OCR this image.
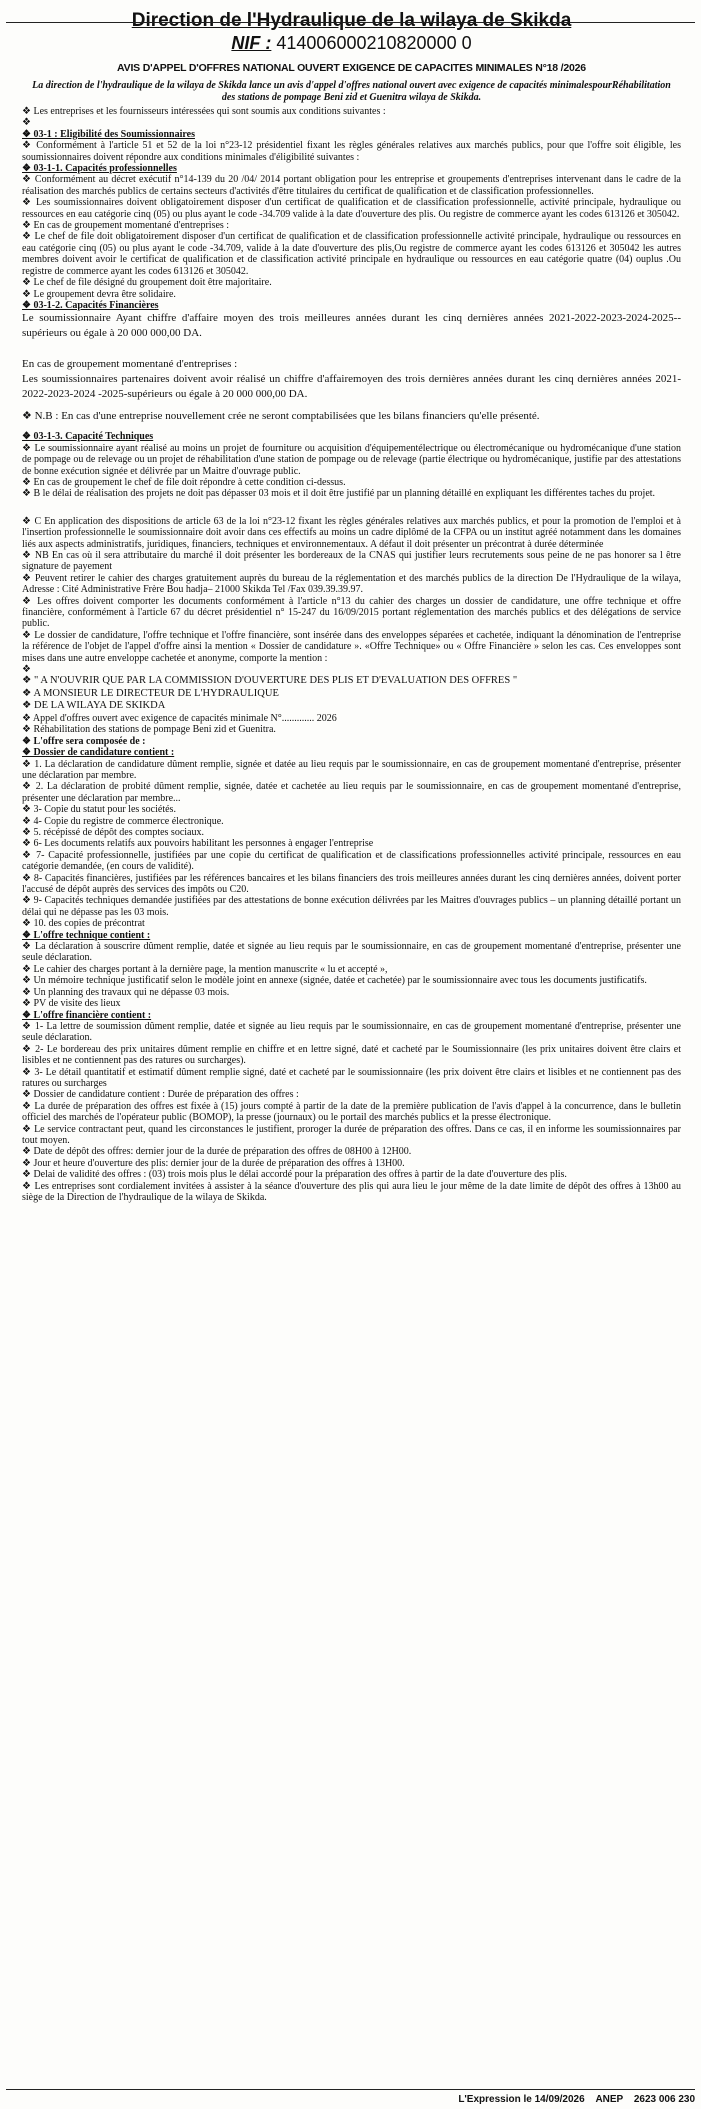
Direction de l'Hydraulique de la wilaya de Skikda
NIF : 414006000210820000 0
AVIS D'APPEL D'OFFRES NATIONAL OUVERT EXIGENCE DE CAPACITES MINIMALES N°18 /2026
La direction de l'hydraulique de la wilaya de Skikda lance un avis d'appel d'offres national ouvert avec exigence de capacités minimalespourRéhabilitation des stations de pompage Beni zid et Guenitra wilaya de Skikda.

❖ Les entreprises et les fournisseurs intéressées qui sont soumis aux conditions suivantes :

❖

❖ 03-1 : Eligibilité des Soumissionnaires

❖ Conformément à l'article 51 et 52 de la loi n°23-12 présidentiel fixant les règles générales relatives aux marchés publics, pour que l'offre soit éligible, les soumissionnaires doivent répondre aux conditions minimales d'éligibilité suivantes :

❖ 03-1-1. Capacités professionnelles

❖ Conformément au décret exécutif n°14-139 du 20 /04/ 2014 portant obligation pour les entreprise et groupements d'entreprises intervenant dans le cadre de la réalisation des marchés publics de certains secteurs d'activités d'être titulaires du certificat de qualification et de classification professionnelles.

❖ Les soumissionnaires doivent obligatoirement disposer d'un certificat de qualification et de classification professionnelle, activité principale, hydraulique ou ressources en eau catégorie cinq (05) ou plus ayant le code -34.709 valide à la date d'ouverture des plis. Ou registre de commerce ayant les codes 613126 et 305042.

❖ En cas de groupement momentané d'entreprises :

❖ Le chef de file doit obligatoirement disposer d'un certificat de qualification et de classification professionnelle activité principale, hydraulique ou ressources en eau catégorie cinq (05) ou plus ayant le code -34.709, valide à la date d'ouverture des plis,Ou registre de commerce ayant les codes 613126 et 305042 les autres membres doivent avoir le certificat de qualification et de classification activité principale en hydraulique ou ressources en eau catégorie quatre (04) ouplus .Ou registre de commerce ayant les codes 613126 et 305042.

❖ Le chef de file désigné du groupement doit être majoritaire.

❖ Le groupement devra être solidaire.

❖ 03-1-2. Capacités Financières

Le soumissionnaire Ayant chiffre d'affaire moyen des trois meilleures années durant les cinq dernières années 2021-2022-2023-2024-2025-- supérieurs ou égale à 20 000 000,00 DA.

En cas de groupement momentané d'entreprises :

Les soumissionnaires partenaires doivent avoir réalisé un chiffre d'affairemoyen des trois dernières années durant les cinq dernières années 2021-2022-2023-2024 -2025-supérieurs ou égale à 20 000 000,00 DA.

❖ N.B : En cas d'une entreprise nouvellement crée ne seront comptabilisées que les bilans financiers qu'elle présenté.

❖ 03-1-3. Capacité Techniques

❖ Le soumissionnaire ayant réalisé au moins un projet de fourniture ou acquisition d'équipementélectrique ou électromécanique ou hydromécanique d'une station de pompage ou de relevage ou un projet de réhabilitation d'une station de pompage ou de relevage (partie électrique ou hydromécanique, justifie par des attestations de bonne exécution signée et délivrée par un Maitre d'ouvrage public.

❖ En cas de groupement le chef de file doit répondre à cette condition ci-dessus.

❖ B le délai de réalisation des projets ne doit pas dépasser 03 mois et il doit être justifié par un planning détaillé en expliquant les différentes taches du projet.

❖ C En application des dispositions de article 63 de la loi n°23-12 fixant les règles générales relatives aux marchés publics, et pour la promotion de l'emploi et à l'insertion professionnelle le soumissionnaire doit avoir dans ces effectifs au moins un cadre diplômé de la CFPA ou un institut agréé notamment dans les domaines liés aux aspects administratifs, juridiques, financiers, techniques et environnementaux. A défaut il doit présenter un précontrat à durée déterminée

❖ NB En cas où il sera attributaire du marché il doit présenter les bordereaux de la CNAS qui justifier leurs recrutements sous peine de ne pas honorer sa l être signature de payement

❖ Peuvent retirer le cahier des charges gratuitement auprès du bureau de la réglementation et des marchés publics de la direction De l'Hydraulique de la wilaya, Adresse : Cité Administrative Frère Bou hadja– 21000 Skikda Tel /Fax 039.39.39.97.

❖ Les offres doivent comporter les documents conformément à l'article n°13 du cahier des charges un dossier de candidature, une offre technique et offre financière, conformément à l'article 67 du décret présidentiel n° 15-247 du 16/09/2015 portant réglementation des marchés publics et des délégations de service public.

❖ Le dossier de candidature, l'offre technique et l'offre financière, sont insérée dans des enveloppes séparées et cachetée, indiquant la dénomination de l'entreprise la référence de l'objet de l'appel d'offre ainsi la mention « Dossier de candidature ». «Offre Technique» ou « Offre Financière » selon les cas. Ces enveloppes sont mises dans une autre enveloppe cachetée et anonyme, comporte la mention :

❖

❖ " A N'OUVRIR QUE PAR LA COMMISSION D'OUVERTURE DES PLIS ET D'EVALUATION DES OFFRES "

❖ A MONSIEUR LE DIRECTEUR DE L'HYDRAULIQUE

❖ DE LA WILAYA DE SKIKDA

❖ Appel d'offres ouvert avec exigence de capacités minimale N°............. 2026

❖ Réhabilitation des stations de pompage Beni zid et Guenitra.

❖ L'offre sera composée de :

❖ Dossier de candidature contient :

❖ 1. La déclaration de candidature dûment remplie, signée et datée au lieu requis par le soumissionnaire, en cas de groupement momentané d'entreprise, présenter une déclaration par membre.

❖ 2. La déclaration de probité dûment remplie, signée, datée et cachetée au lieu requis par le soumissionnaire, en cas de groupement momentané d'entreprise, présenter une déclaration par membre...

❖ 3- Copie du statut pour les sociétés.

❖ 4- Copie du registre de commerce électronique.

❖ 5. récépissé de dépôt des comptes sociaux.

❖ 6- Les documents relatifs aux pouvoirs habilitant les personnes à engager l'entreprise

❖ 7- Capacité professionnelle, justifiées par une copie du certificat de qualification et de classifications professionnelles activité principale, ressources en eau catégorie demandée, (en cours de validité).

❖ 8- Capacités financières, justifiées par les références bancaires et les bilans financiers des trois meilleures années durant les cinq dernières années, doivent porter l'accusé de dépôt auprès des services des impôts ou C20.

❖ 9- Capacités techniques demandée justifiées par des attestations de bonne exécution délivrées par les Maitres d'ouvrages publics – un planning détaillé portant un délai qui ne dépasse pas les 03 mois.

❖ 10. des copies de précontrat

❖ L'offre technique contient :

❖ La déclaration à souscrire dûment remplie, datée et signée au lieu requis par le soumissionnaire, en cas de groupement momentané d'entreprise, présenter une seule déclaration.

❖ Le cahier des charges portant à la dernière page, la mention manuscrite « lu et accepté »,

❖ Un mémoire technique justificatif selon le modèle joint en annexe (signée, datée et cachetée) par le soumissionnaire avec tous les documents justificatifs.

❖ Un planning des travaux qui ne dépasse 03 mois.

❖ PV de visite des lieux

❖ L'offre financière contient :

❖ 1- La lettre de soumission dûment remplie, datée et signée au lieu requis par le soumissionnaire, en cas de groupement momentané d'entreprise, présenter une seule déclaration.

❖ 2- Le bordereau des prix unitaires dûment remplie en chiffre et en lettre signé, daté et cacheté par le Soumissionnaire (les prix unitaires doivent être clairs et lisibles et ne contiennent pas des ratures ou surcharges).

❖ 3- Le détail quantitatif et estimatif dûment remplie signé, daté et cacheté par le soumissionnaire (les prix doivent être clairs et lisibles et ne contiennent pas des ratures ou surcharges

❖ Dossier de candidature contient : Durée de préparation des offres :

❖ La durée de préparation des offres est fixée à (15) jours compté à partir de la date de la première publication de l'avis d'appel à la concurrence, dans le bulletin officiel des marchés de l'opérateur public (BOMOP), la presse (journaux) ou le portail des marchés publics et la presse électronique.

❖ Le service contractant peut, quand les circonstances le justifient, proroger la durée de préparation des offres. Dans ce cas, il en informe les soumissionnaires par tout moyen.

❖ Date de dépôt des offres: dernier jour de la durée de préparation des offres de 08H00 à 12H00.

❖ Jour et heure d'ouverture des plis: dernier jour de la durée de préparation des offres à 13H00.

❖ Delai de validité des offres : (03) trois mois plus le délai accordé pour la préparation des offres à partir de la date d'ouverture des plis.

❖ Les entreprises sont cordialement invitées à assister à la séance d'ouverture des plis qui aura lieu le jour même de la date limite de dépôt des offres à 13h00 au siège de la Direction de l'hydraulique de la wilaya de Skikda.

L'Expression le 14/09/2026 ANEP 2623 006 230
